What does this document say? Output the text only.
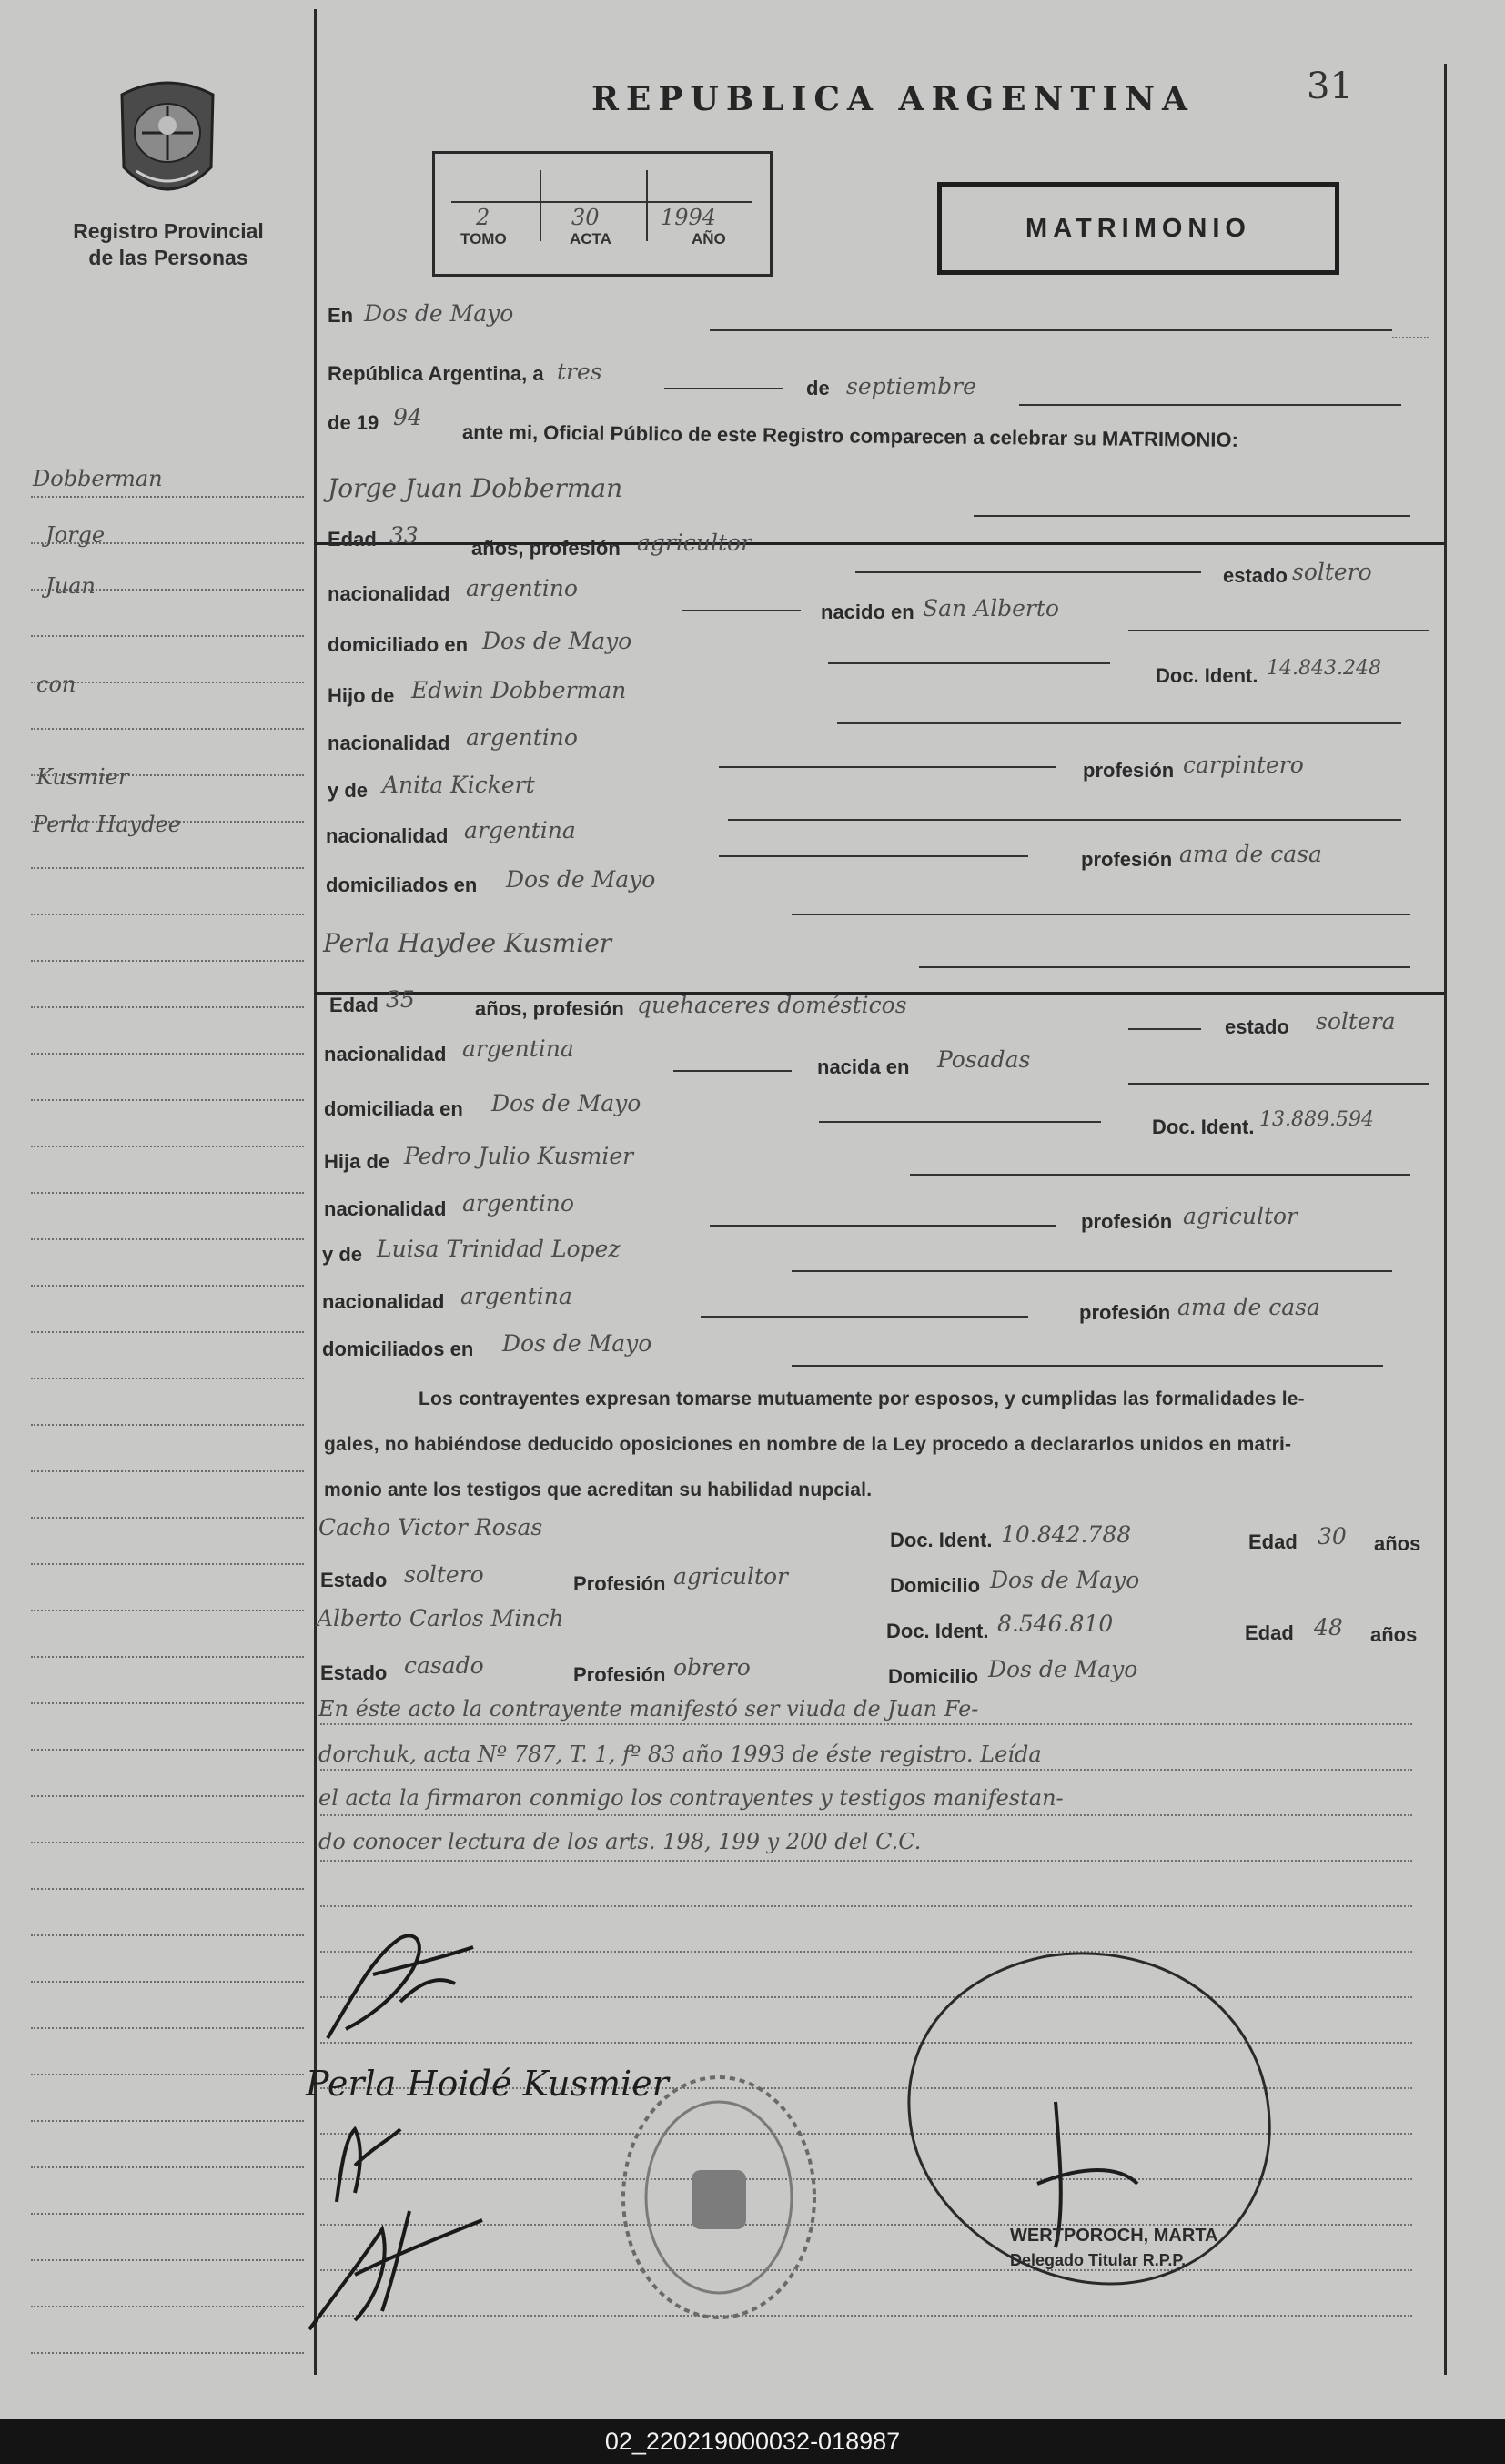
Registro Provincial
de las Personas
Dobberman
Jorge
Juan
con
Kusmier
Perla Haydee
31
REPUBLICA ARGENTINA
2	30	1994
TOMO	ACTA	AÑO	MATRIMONIO
En Dos de Mayo
República Argentina, a tres
de septiembre
de 19 94
ante mi, Oficial Público de este Registro comparecen a celebrar su MATRIMONIO:
Jorge Juan Dobberman
Edad 33	años, profesión agricultor
estado soltero
nacionalidad argentino
nacido en San Alberto
domiciliado en Dos de Mayo
Doc. Ident. 14.843.248
Hijo de Edwin Dobberman
nacionalidad argentino
profesión carpintero
y de Anita Kickert
nacionalidad argentina
profesión ama de casa
domiciliados en Dos de Mayo
Perla Haydee Kusmier
Edad 35	años, profesión quehaceres domésticos
estado soltera
nacionalidad argentina
nacida en Posadas
domiciliada en Dos de Mayo
Doc. Ident. 13.889.594
Hija de Pedro Julio Kusmier
nacionalidad argentino
profesión agricultor
y de Luisa Trinidad Lopez
nacionalidad argentina
profesión ama de casa
domiciliados en Dos de Mayo
Los contrayentes expresan tomarse mutuamente por esposos, y cumplidas las formalidades le-
gales, no habiéndose deducido oposiciones en nombre de la Ley procedo a declararlos unidos en matri-
monio ante los testigos que acreditan su habilidad nupcial.
Cacho Victor Rosas	Doc. Ident. 10.842.788	Edad 30 años
Estado soltero	Profesión agricultor	Domicilio Dos de Mayo
Alberto Carlos Minch	Doc. Ident. 8.546.810	Edad 48 años
Estado casado	Profesión obrero	Domicilio Dos de Mayo
En éste acto la contrayente manifestó ser viuda de Juan Fe-
dorchuk, acta Nº 787, T. 1, fº 83 año 1993 de éste registro. Leída
el acta la firmaron conmigo los contrayentes y testigos manifestan-
do conocer lectura de los arts. 198, 199 y 200 del C.C.
Perla Hoidé Kusmier
WERTPOROCH, MARTA
Delegado Titular R.P.P.
02_220219000032-018987
